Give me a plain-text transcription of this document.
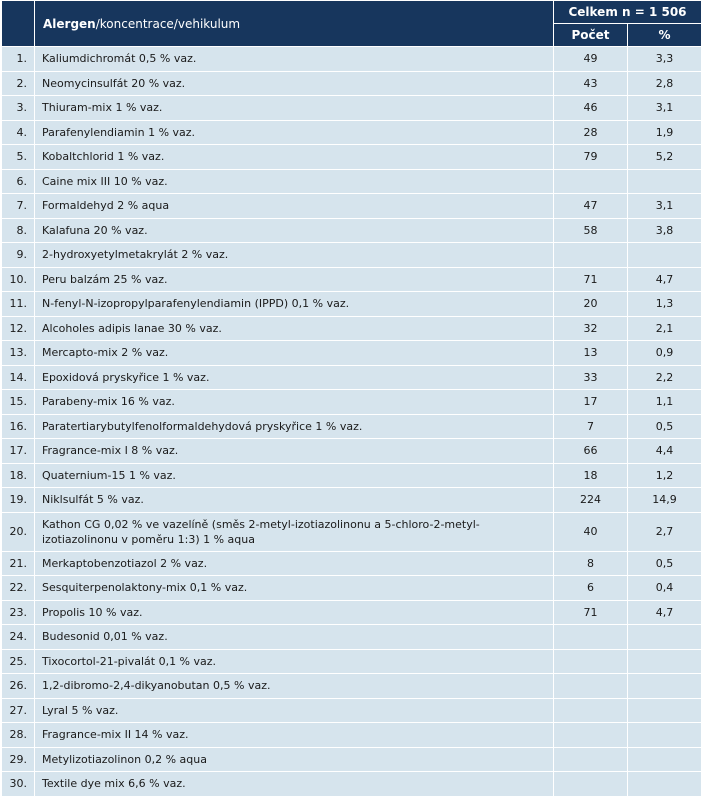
	Alergen/koncentrace/vehikulum	Celkem n = 1 506	
		Počet	%
1.	Kaliumdichromát 0,5 % vaz.	49	3,3
2.	Neomycinsulfát 20 % vaz.	43	2,8
3.	Thiuram-mix 1 % vaz.	46	3,1
4.	Parafenylendiamin 1 % vaz.	28	1,9
5.	Kobaltchlorid 1 % vaz.	79	5,2
6.	Caine mix III 10 % vaz.		
7.	Formaldehyd 2 % aqua	47	3,1
8.	Kalafuna 20 % vaz.	58	3,8
9.	2-hydroxyetylmetakrylát 2 % vaz.		
10.	Peru balzám 25 % vaz.	71	4,7
11.	N-fenyl-N-izopropylparafenylendiamin (IPPD) 0,1 % vaz.	20	1,3
12.	Alcoholes adipis lanae 30 % vaz.	32	2,1
13.	Mercapto-mix 2 % vaz.	13	0,9
14.	Epoxidová pryskyřice 1 % vaz.	33	2,2
15.	Parabeny-mix 16 % vaz.	17	1,1
16.	Paratertiarybutylfenolformaldehydová pryskyřice 1 % vaz.	7	0,5
17.	Fragrance-mix I 8 % vaz.	66	4,4
18.	Quaternium-15 1 % vaz.	18	1,2
19.	Niklsulfát 5 % vaz.	224	14,9
20.	Kathon CG 0,02 % ve vazelíně (směs 2-metyl-izotiazolinonu a 5-chloro-2-metyl-izotiazolinonu v poměru 1:3) 1 % aqua	40	2,7
21.	Merkaptobenzotiazol 2 % vaz.	8	0,5
22.	Sesquiterpenolaktony-mix 0,1 % vaz.	6	0,4
23.	Propolis 10 % vaz.	71	4,7
24.	Budesonid 0,01 % vaz.		
25.	Tixocortol-21-pivalát 0,1 % vaz.		
26.	1,2-dibromo-2,4-dikyanobutan 0,5 % vaz.		
27.	Lyral 5 % vaz.		
28.	Fragrance-mix II 14 % vaz.		
29.	Metylizotiazolinon 0,2 % aqua		
30.	Textile dye mix 6,6 % vaz.		
